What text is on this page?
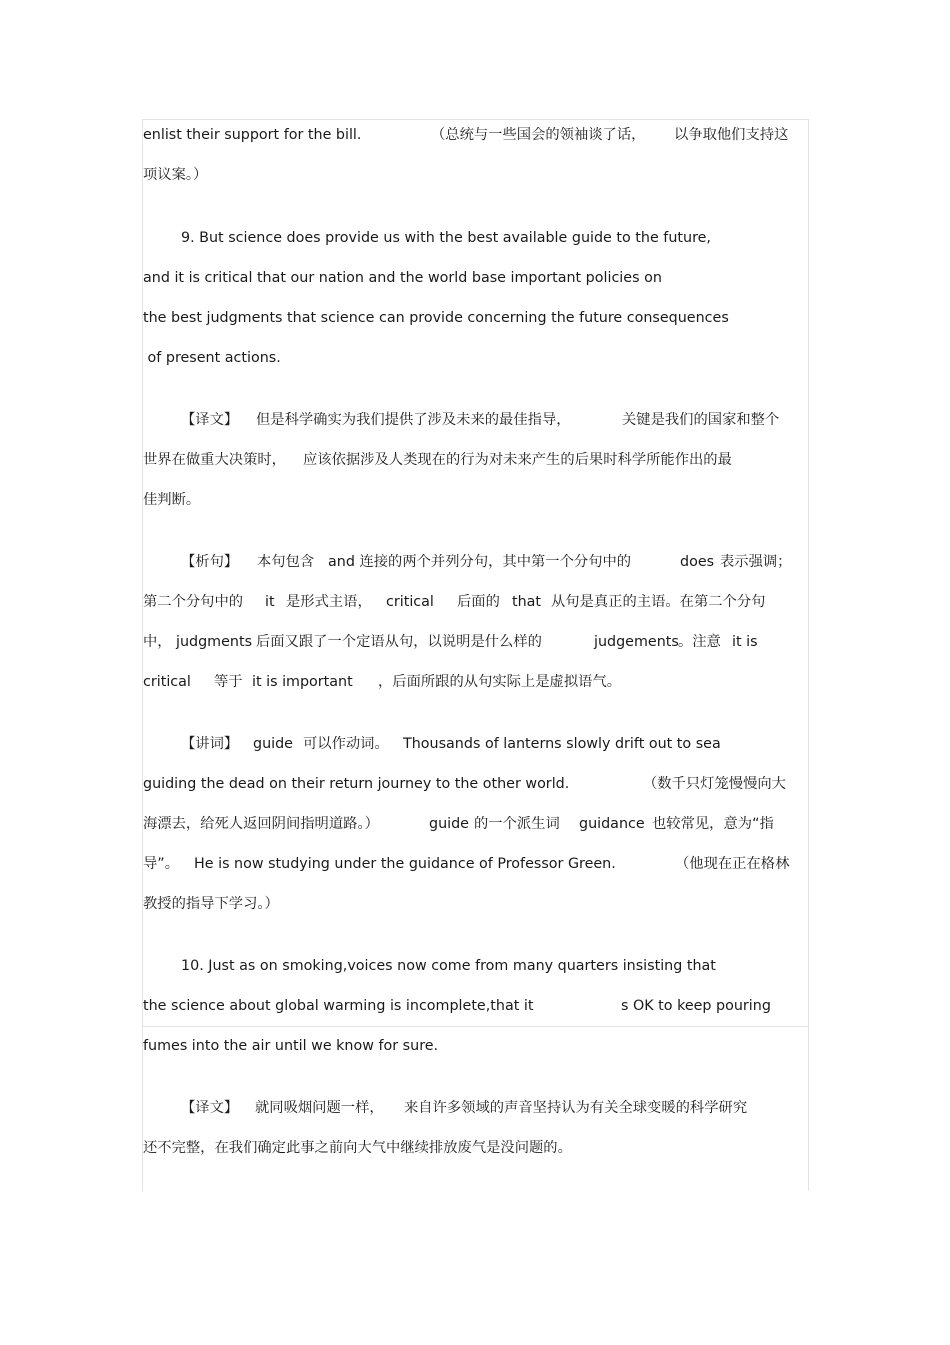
enlist their support for the bill.

	（总统与一些国会的领袖谈了话，

以争取他们支持这

项议案。）

9. But science does provide us with the best available guide to the future,

and it is critical that our nation and the world base important policies on

the best judgments that science can provide concerning the future consequences

of present actions.

【译文】

但是科学确实为我们提供了涉及未来的最佳指导，

	关键是我们的国家和整个

世界在做重大决策时，

应该依据涉及人类现在的行为对未来产生的后果时科学所能作出的最

佳判断。

【析句】

本句包含

and 连接的两个并列分句，其中第一个分句中的

	does

表示强调；

第二个分句中的

it

是形式主语，

critical

后面的

that

从句是真正的主语。在第二个分句

中，

judgments

后面又跟了一个定语从句，以说明是什么样的

	judgements

。注意

it is

critical

等于

it is important

，后面所跟的从句实际上是虚拟语气。

【讲词】

guide

可以作动词。

Thousands of lanterns slowly drift out to sea

guiding the dead on their return journey to the other world.

	（数千只灯笼慢慢向大

海漂去，给死人返回阴间指明道路。）

	guide

的一个派生词

guidance

也较常见，意为“指

导”。

He is now studying under the guidance of Professor Green.

	（他现在正在格林

教授的指导下学习。）

10. Just as on smoking,voices now come from many quarters insisting that

the science about global warming is incomplete,that it

	s OK to keep pouring

fumes into the air until we know for sure.

【译文】

就同吸烟问题一样，

来自许多领域的声音坚持认为有关全球变暖的科学研究

还不完整，在我们确定此事之前向大气中继续排放废气是没问题的。
